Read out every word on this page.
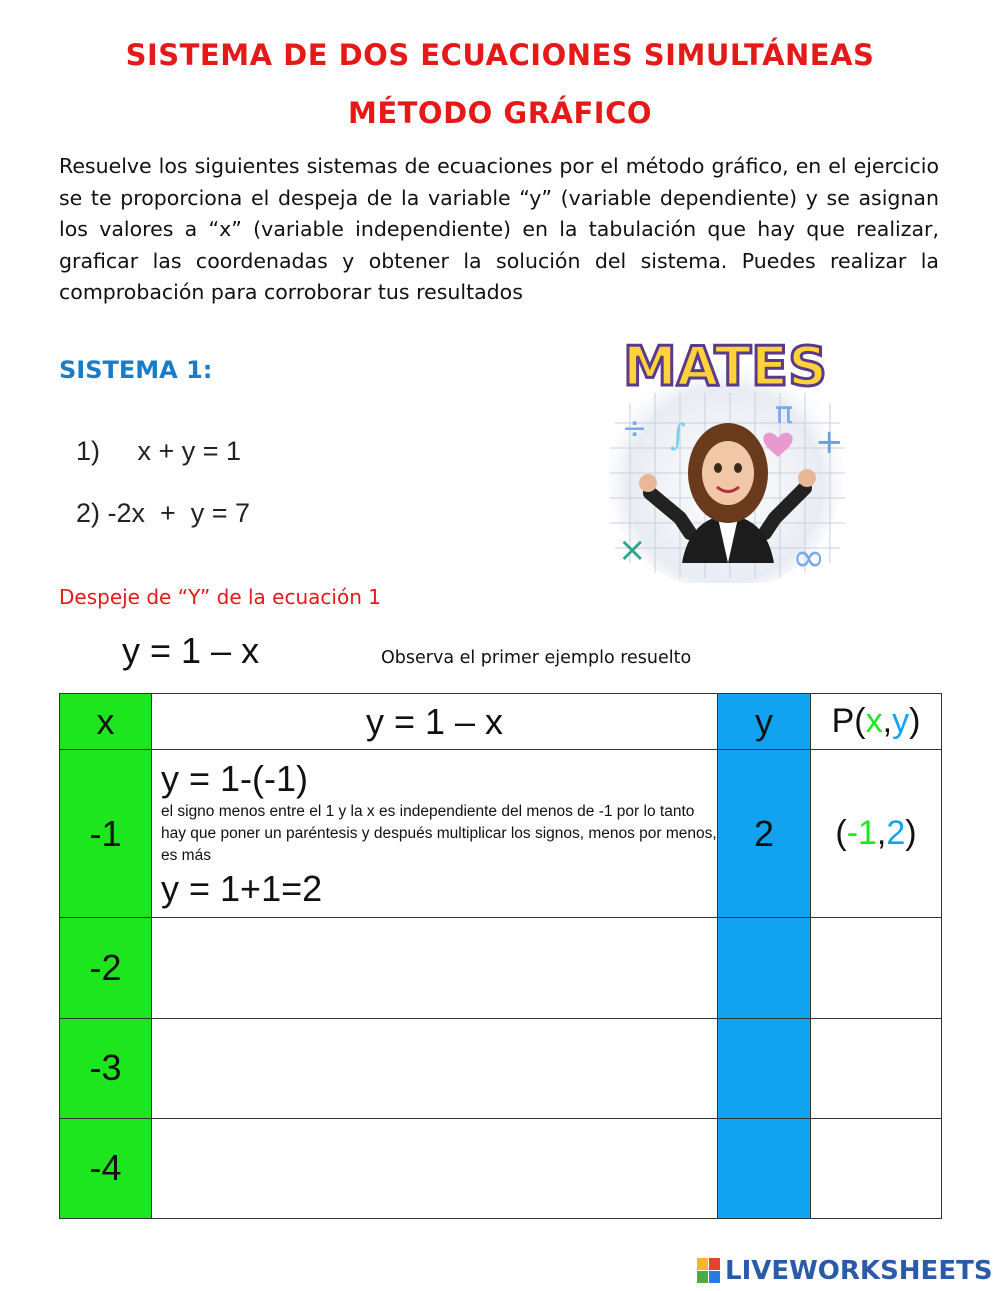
SISTEMA DE DOS ECUACIONES SIMULTÁNEAS
MÉTODO GRÁFICO
Resuelve los siguientes sistemas de ecuaciones por el método gráfico, en el ejercicio se te proporciona el despeja de la variable “y” (variable dependiente) y se asignan los valores a “x” (variable independiente) en la tabulación que hay que realizar, graficar las coordenadas y obtener la solución del sistema. Puedes realizar la comprobación para corroborar tus resultados
SISTEMA 1:
1)     x + y = 1
2) -2x  +  y = 7
MATES
π
÷ ∫	+
×	∞
Despeje de “Y” de la ecuación 1
y = 1 – x	Observa el primer ejemplo resuelto
x	y = 1 – x	y	P(x,y)
-1	y = 1-(-1)
el signo menos entre el 1 y la x es independiente del menos de -1 por lo tanto hay que poner un paréntesis y después multiplicar los signos, menos por menos, es más
y = 1+1=2	2	(-1,2)
-2			
-3			
-4			
LIVEWORKSHEETS
